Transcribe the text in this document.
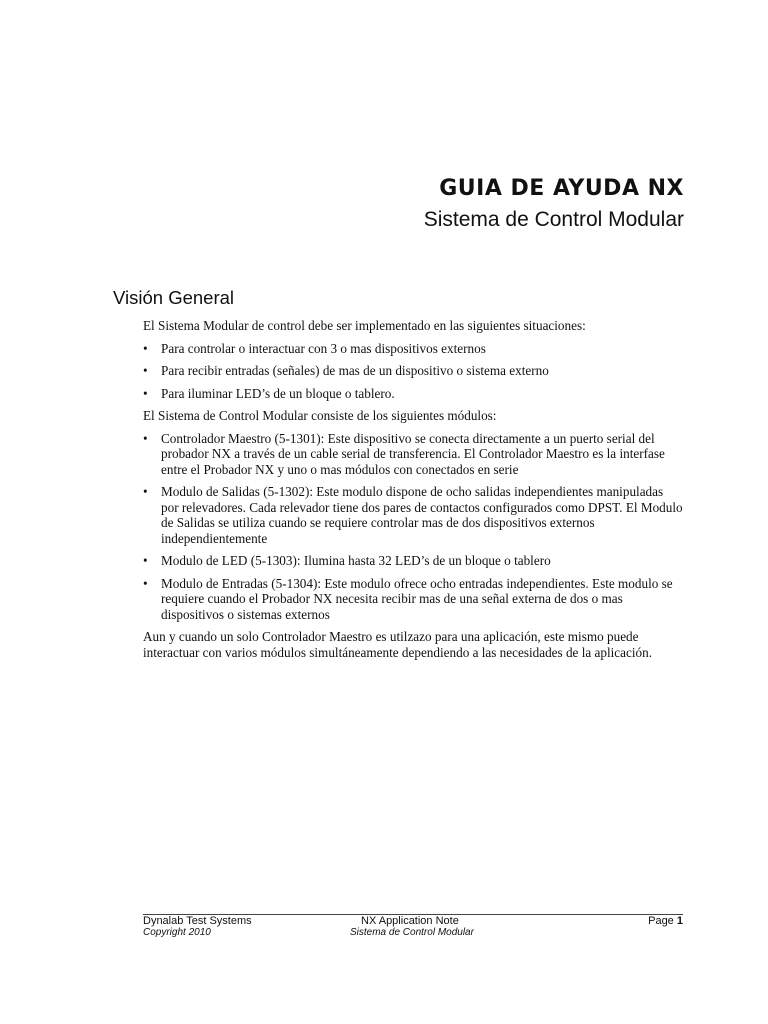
GUIA DE AYUDA NX
Sistema de Control Modular
Visión General

El Sistema Modular de control debe ser implementado en las siguientes situaciones:

• Para controlar o interactuar con 3 o mas dispositivos externos
• Para recibir entradas (señales) de mas de un dispositivo o sistema externo
• Para iluminar LED’s de un bloque o tablero.

El Sistema de Control Modular consiste de los siguientes módulos:

• Controlador Maestro (5-1301): Este dispositivo se conecta directamente a un puerto serial del probador NX a través de un cable serial de transferencia. El Controlador Maestro es la interfase entre el Probador NX y uno o mas módulos con conectados en serie
• Modulo de Salidas (5-1302): Este modulo dispone de ocho salidas independientes manipuladas por relevadores. Cada relevador tiene dos pares de contactos configurados como DPST. El Modulo de Salidas se utiliza cuando se requiere controlar mas de dos dispositivos externos independientemente
• Modulo de LED (5-1303): Ilumina hasta 32 LED’s de un bloque o tablero
• Modulo de Entradas (5-1304): Este modulo ofrece ocho entradas independientes. Este modulo se requiere cuando el Probador NX necesita recibir mas de una señal externa de dos o mas dispositivos o sistemas externos

Aun y cuando un solo Controlador Maestro es utilzazo para una aplicación, este mismo puede interactuar con varios módulos simultáneamente dependiendo a las necesidades de la aplicación.

Dynalab Test Systems
Copyright 2010
NX Application Note
Sistema de Control Modular
Page 1
